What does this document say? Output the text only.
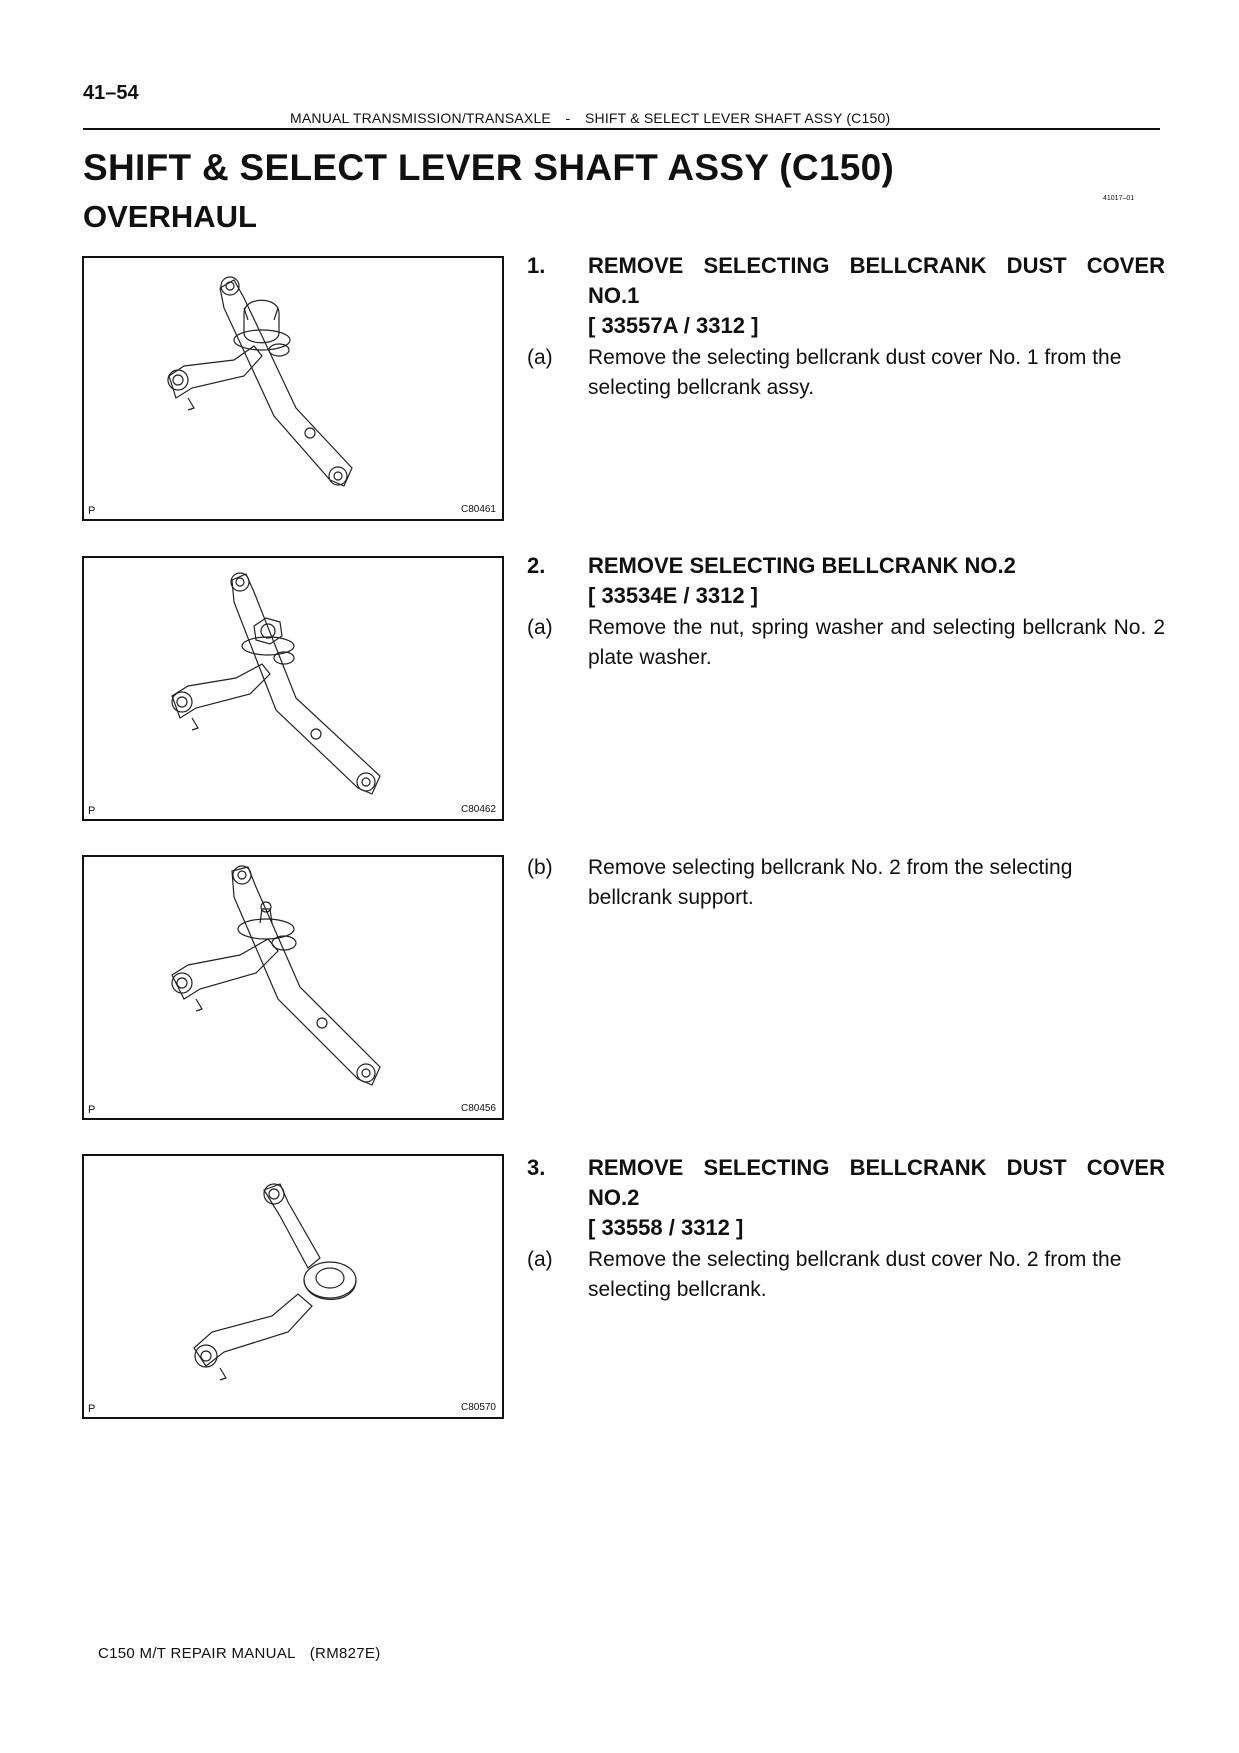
41–54
MANUAL TRANSMISSION/TRANSAXLE - SHIFT & SELECT LEVER SHAFT ASSY (C150)
SHIFT & SELECT LEVER SHAFT ASSY (C150)
OVERHAUL
41017–01
P	C80461
P	C80462
P	C80456
P	C80570
1. REMOVE SELECTING BELLCRANK DUST COVER NO.1
[ 33557A / 3312 ]
(a) Remove the selecting bellcrank dust cover No. 1 from the selecting bellcrank assy.
2. REMOVE SELECTING BELLCRANK NO.2
[ 33534E / 3312 ]
(a) Remove the nut, spring washer and selecting bellcrank No. 2 plate washer.
(b) Remove selecting bellcrank No. 2 from the selecting bellcrank support.
3. REMOVE SELECTING BELLCRANK DUST COVER NO.2
[ 33558 / 3312 ]
(a) Remove the selecting bellcrank dust cover No. 2 from the selecting bellcrank.
C150 M/T REPAIR MANUAL (RM827E)
